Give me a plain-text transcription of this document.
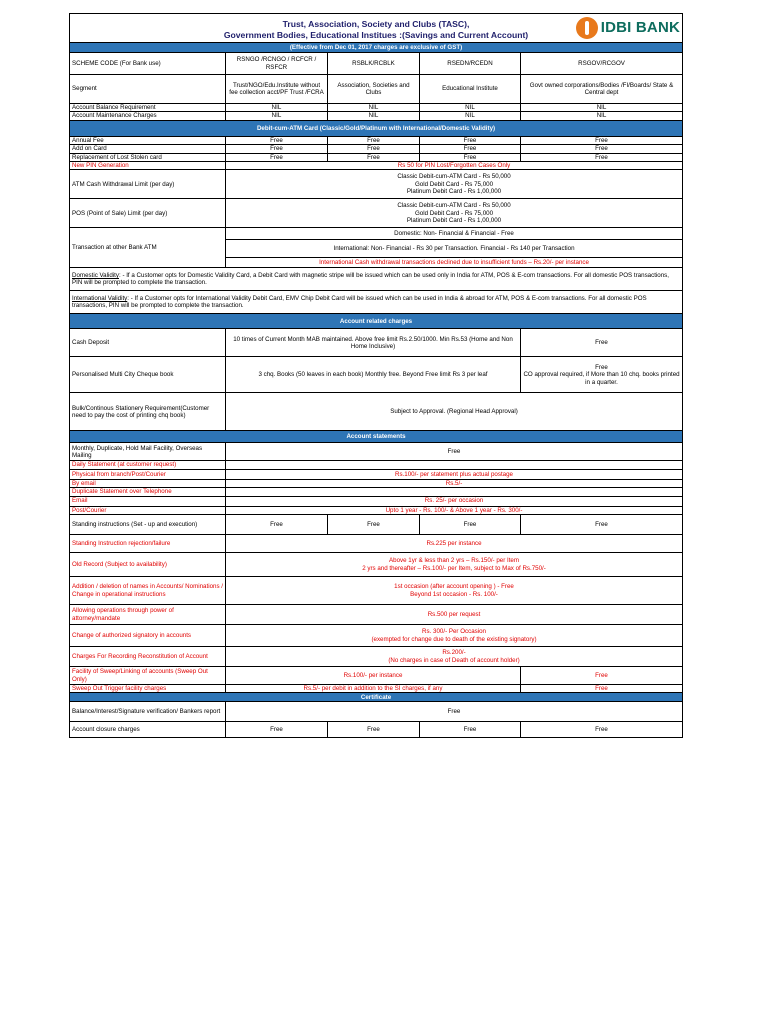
Trust, Association, Society and Clubs (TASC),
Government Bodies, Educational Institues :(Savings and Current Account) IDBI BANK				

(Effective from Dec 01, 2017 charges are exclusive of GST)				
SCHEME CODE (For Bank use)	RSNGO /RCNGO / RCFCR / RSFCR	RSBLK/RCBLK	RSEDN/RCEDN	RSGOV/RCGOV
Segment	Trust/NGO/Edu.Institute without fee collection acct/PF Trust /FCRA	Association, Societies and Clubs	Educational Institute	Govt owned corporations/Bodies /FI/Boards/ State & Central dept
Account Balance Requirement	NIL	NIL	NIL	NIL
Account Maintenance Charges	NIL	NIL	NIL	NIL
Debit-cum-ATM Card (Classic/Gold/Platinum with International/Domestic Validity)				
Annual Fee	Free	Free	Free	Free
Add on Card	Free	Free	Free	Free
Replacement of Lost Stolen card	Free	Free	Free	Free
New PIN Generation	Rs 50 for PIN Lost/Forgotten Cases Only			
ATM Cash Withdrawal Limit (per day)	Classic Debit-cum-ATM Card - Rs 50,000
Gold Debit Card - Rs 75,000
Platinum Debit Card - Rs 1,00,000			

POS (Point of Sale) Limit (per day)	Classic Debit-cum-ATM Card - Rs 50,000
Gold Debit Card - Rs 75,000
Platinum Debit Card - Rs 1,00,000			

Transaction at other Bank ATM	Domestic: Non- Financial & Financial - Free			
	International: Non- Financial - Rs 30 per Transaction. Financial - Rs 140 per Transaction			
	International Cash withdrawal transactions declined due to insufficient funds – Rs.20/- per instance			
Domestic Validity: - If a Customer opts for Domestic Validity Card, a Debit Card with magnetic stripe will be issued which can be used only in India for ATM, POS & E-com transactions. For all domestic POS transactions, PIN will be prompted to complete the transaction.				
International Validity: - If a Customer opts for International Validity Debit Card, EMV Chip Debit Card will be issued which can be used in India & abroad for ATM, POS & E-com transactions. For all domestic POS transactions, PIN will be prompted to complete the transaction.				
Account related charges				
Cash Deposit	10 times of Current Month MAB maintained. Above free limit Rs.2.50/1000. Min Rs.53 (Home and Non Home Inclusive)			Free
Personalised Multi City Cheque book	3 chq. Books (50 leaves in each book) Monthly free. Beyond Free limit Rs 3 per leaf			Free
CO approval required, if More than 10 chq. books printed in a quarter.

Bulk/Continous Stationery Requirement(Customer need to pay the cost of printing chq book)	Subject to Approval. (Regional Head Approval)			
Account statements				
Monthly, Duplicate, Hold Mail Facility, Overseas Mailing	Free			
Daily Statement (at customer request)				
Physical from branch/Post/Courier	Rs.100/- per statement plus actual postage			
By email	Rs.5/-			
Duplicate Statement over Telephone				
Email	Rs. 25/- per occasion			
Post/Courier	Upto 1 year - Rs. 100/- & Above 1 year - Rs. 300/-			
Standing instructions (Set - up and execution)	Free	Free	Free	Free
Standing Instruction rejection/failure	Rs.225 per instance			
Old Record (Subject to availability)	Above 1yr & less than 2 yrs – Rs.150/- per Item
2 yrs and thereafter – Rs.100/- per Item, subject to Max of Rs.750/-			

Addition / deletion of names in Accounts/ Nominations / Change in operational instructions	1st occasion (after account opening ) - Free
Beyond 1st occasion - Rs. 100/-			

Allowing operations through power of attorney/mandate	Rs.500 per request			
Change of authorized signatory in accounts	Rs. 300/- Per Occasion
(exempted for change due to death of the existing signatory)			

Charges For Recording Reconstitution of Account	Rs.200/-
(No charges in case of Death of account holder)			

Facility of Sweep/Linking of accounts (Sweep Out Only)	Rs.100/- per instance			Free
Sweep Out Trigger facility charges	Rs.5/- per debit in addition to the SI charges, if any			Free
Certificate				
Balance/Interest/Signature verification/ Bankers report	Free			
Account closure charges	Free	Free	Free	Free
